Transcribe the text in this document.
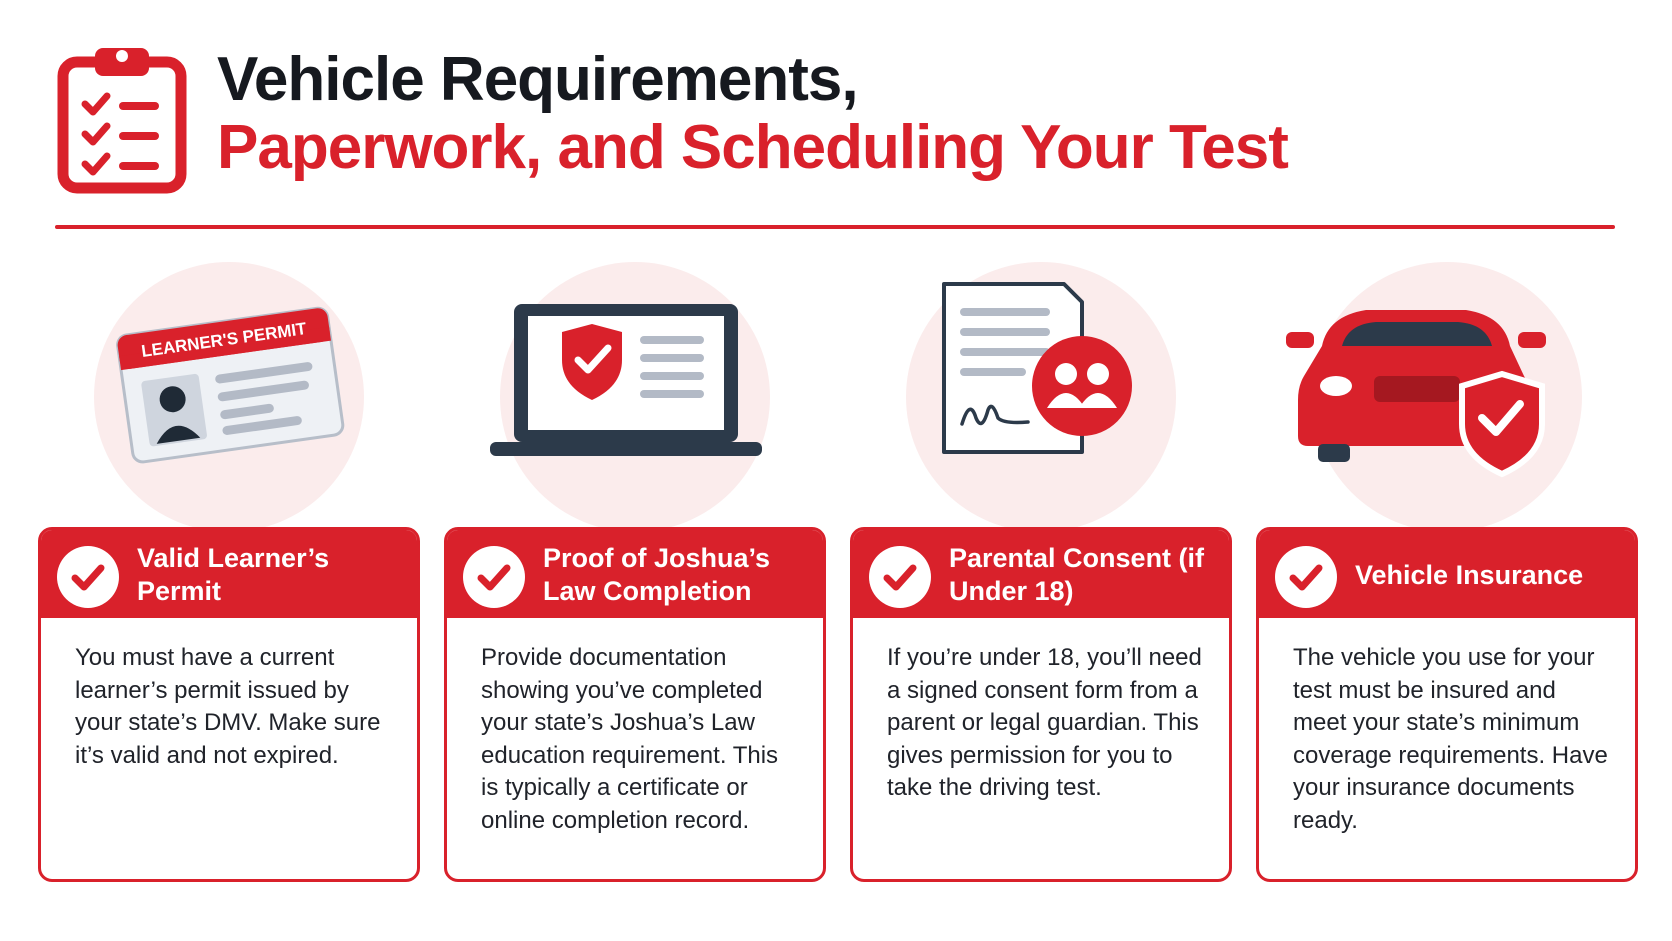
Vehicle Requirements,
Paperwork, and Scheduling Your Test
LEARNER'S PERMIT
Valid Learner’s Permit
You must have a current learner’s permit issued by your state’s DMV. Make sure it’s valid and not expired.
Proof of Joshua’s Law Completion
Provide documentation showing you’ve completed your state’s Joshua’s Law education requirement. This is typically a certificate or online completion record.
Parental Consent (if Under 18)
If you’re under 18, you’ll need a signed consent form from a parent or legal guardian. This gives permission for you to take the driving test.
Vehicle Insurance
The vehicle you use for your test must be insured and meet your state’s minimum coverage requirements. Have your insurance documents ready.
